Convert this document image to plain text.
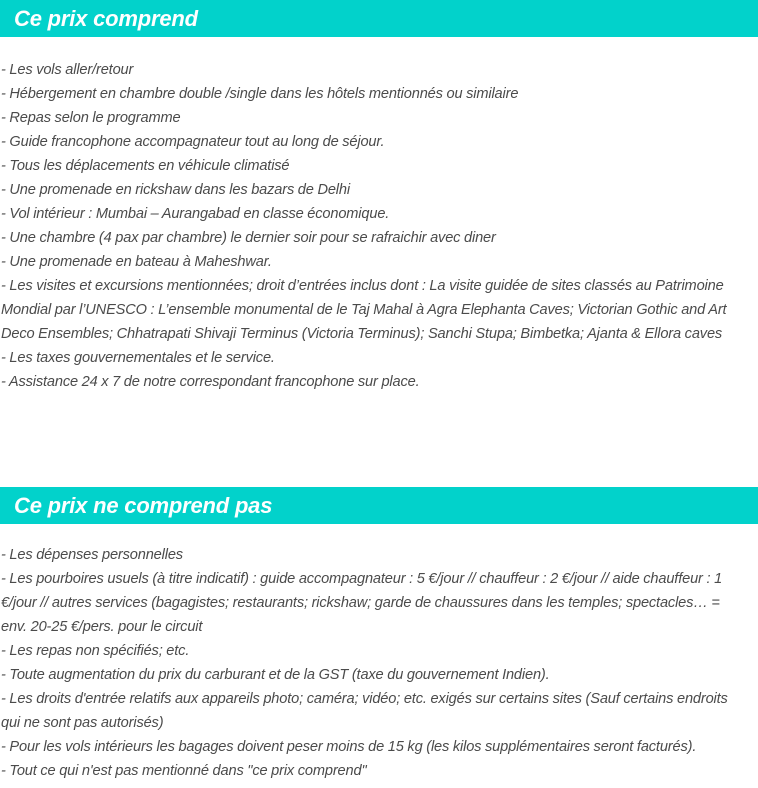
Ce prix comprend

- Les vols aller/retour

- Hébergement en chambre double /single dans les hôtels mentionnés ou similaire

- Repas selon le programme

- Guide francophone accompagnateur tout au long de séjour.

- Tous les déplacements en véhicule climatisé

- Une promenade en rickshaw dans les bazars de Delhi

- Vol intérieur : Mumbai – Aurangabad en classe économique.

- Une chambre (4 pax par chambre) le dernier soir pour se rafraichir avec diner

- Une promenade en bateau à Maheshwar.

- Les visites et excursions mentionnées; droit d’entrées inclus dont : La visite guidée de sites classés au Patrimoine Mondial par l’UNESCO : L’ensemble monumental de le Taj Mahal à Agra Elephanta Caves; Victorian Gothic and Art Deco Ensembles; Chhatrapati Shivaji Terminus (Victoria Terminus); Sanchi Stupa; Bimbetka; Ajanta & Ellora caves

- Les taxes gouvernementales et le service.

- Assistance 24 x 7 de notre correspondant francophone sur place.

Ce prix ne comprend pas

- Les dépenses personnelles

- Les pourboires usuels (à titre indicatif) : guide accompagnateur : 5 €/jour // chauffeur : 2 €/jour // aide chauffeur : 1 €/jour // autres services (bagagistes; restaurants; rickshaw; garde de chaussures dans les temples; spectacles… = env. 20-25 €/pers. pour le circuit

- Les repas non spécifiés; etc.

- Toute augmentation du prix du carburant et de la GST (taxe du gouvernement Indien).

- Les droits d'entrée relatifs aux appareils photo; caméra; vidéo; etc. exigés sur certains sites (Sauf certains endroits qui ne sont pas autorisés)

- Pour les vols intérieurs les bagages doivent peser moins de 15 kg (les kilos supplémentaires seront facturés).

- Tout ce qui n'est pas mentionné dans "ce prix comprend"
